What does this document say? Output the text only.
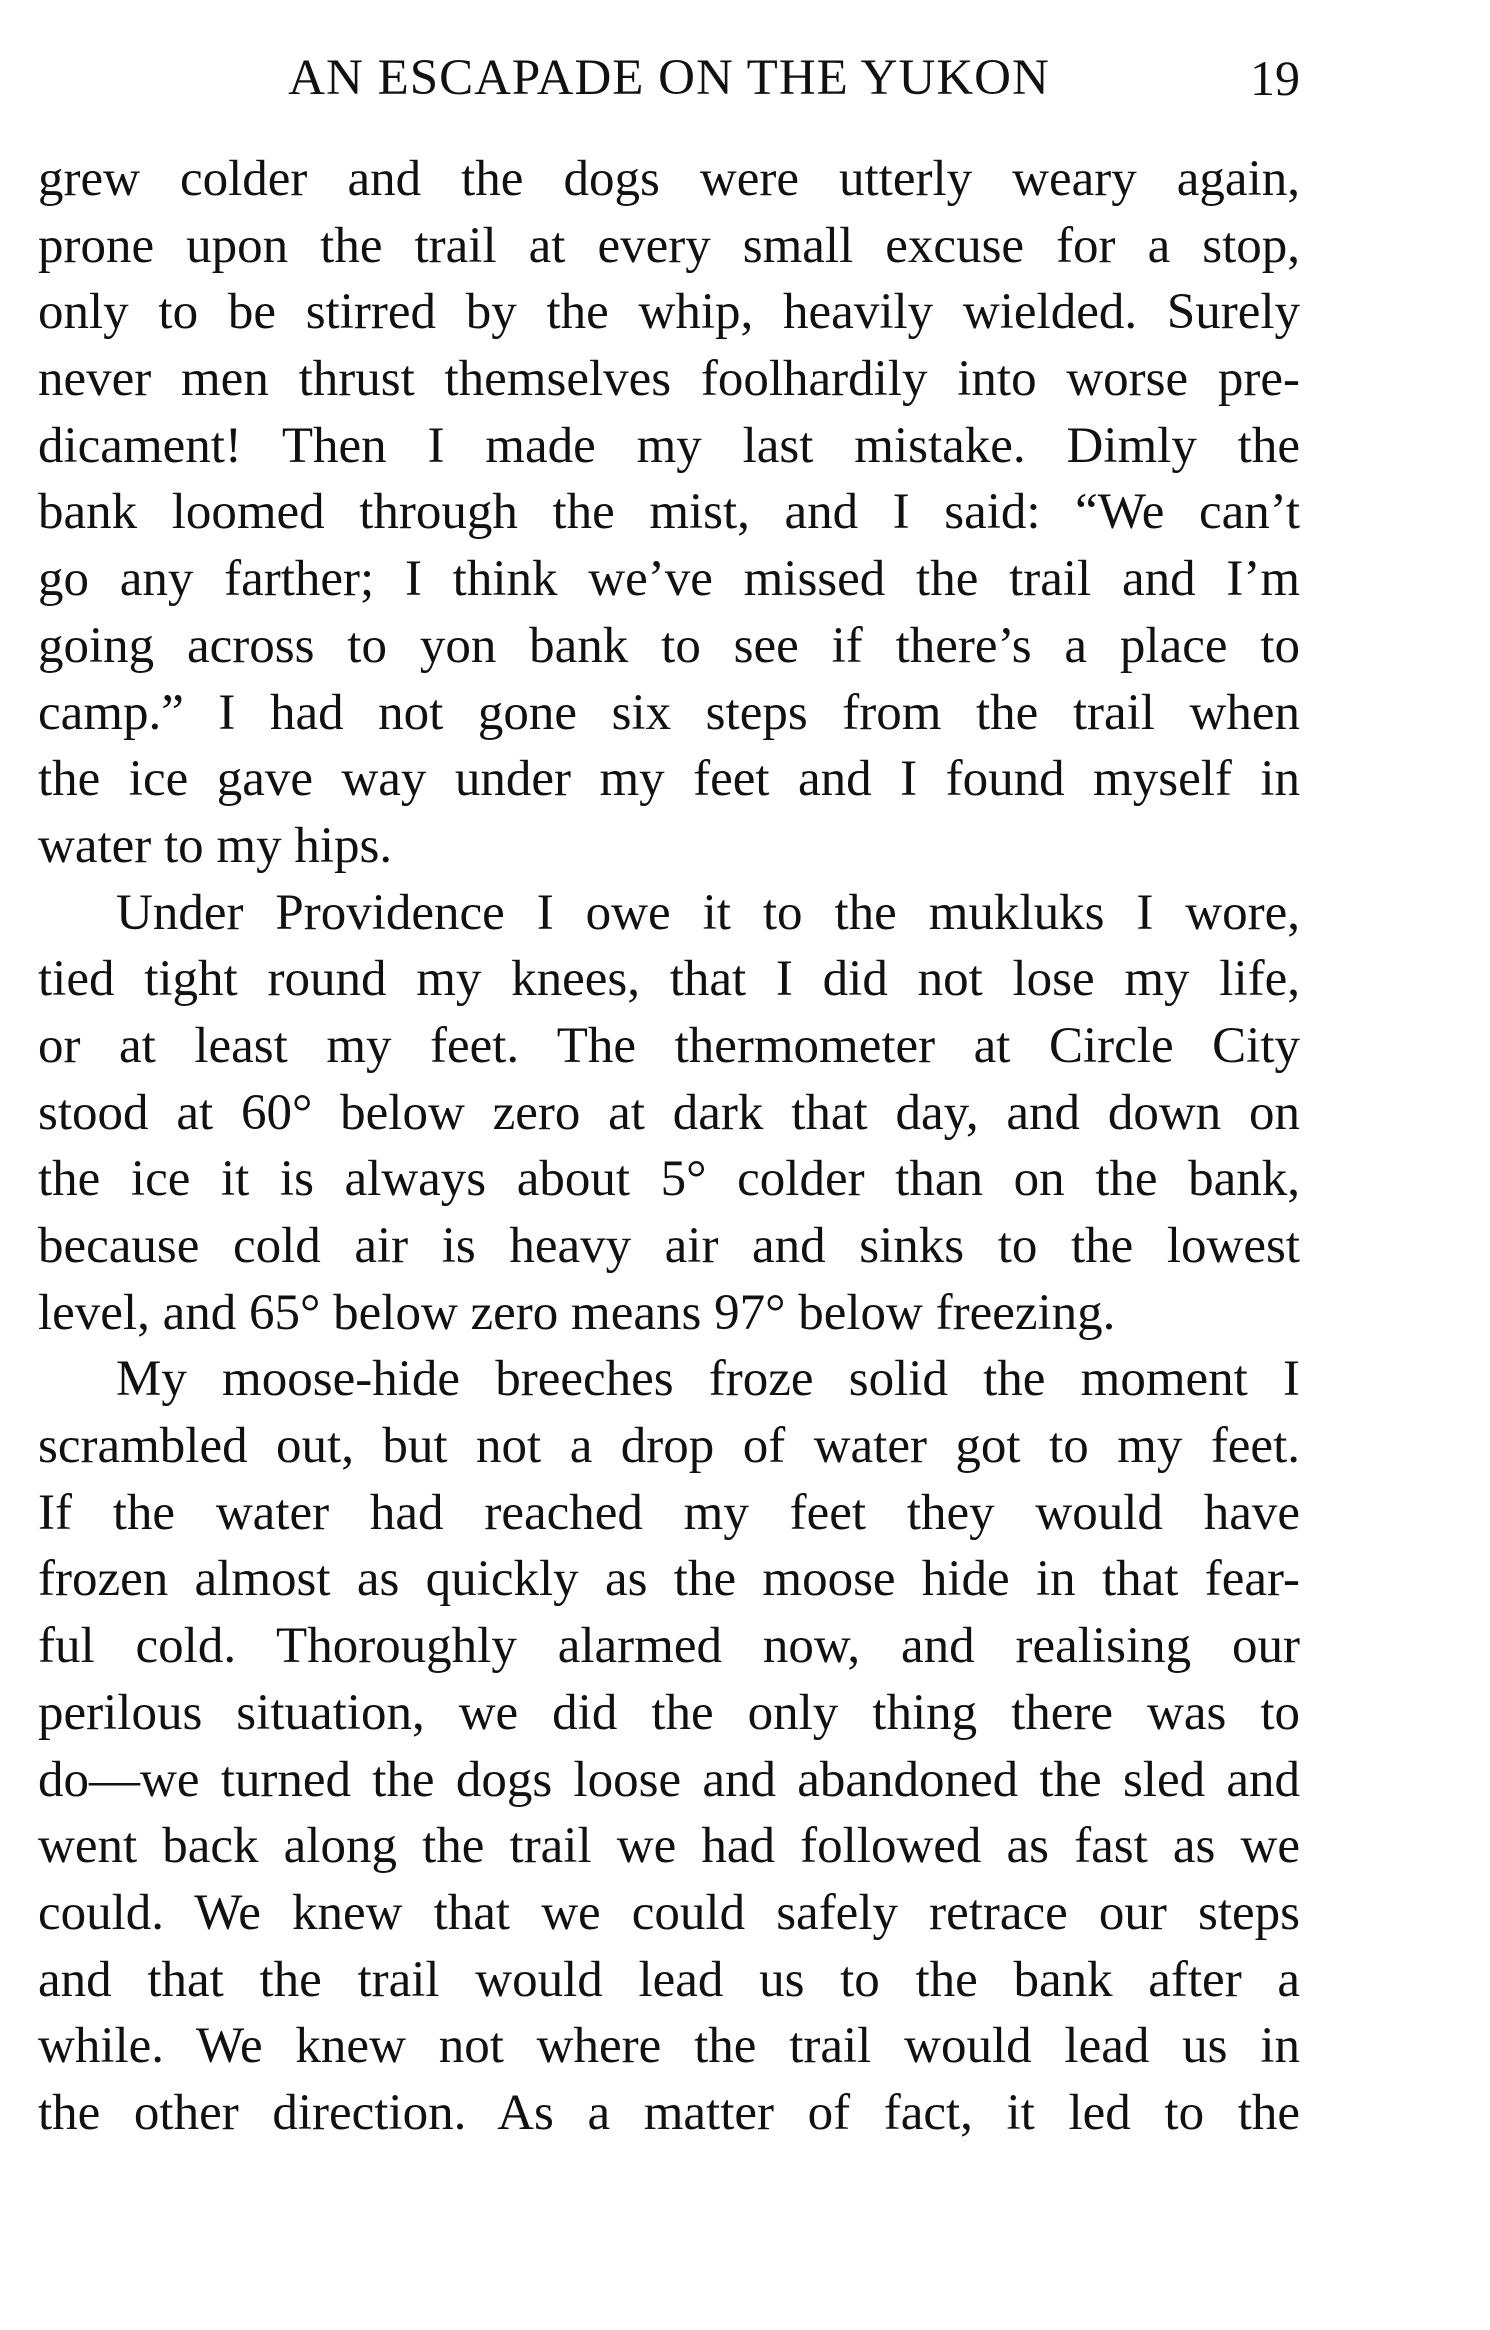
AN ESCAPADE ON THE YUKON	19
grew colder and the dogs were utterly weary again,
prone upon the trail at every small excuse for a stop,
only to be stirred by the whip, heavily wielded. Surely
never men thrust themselves foolhardily into worse pre-
dicament! Then I made my last mistake. Dimly the
bank loomed through the mist, and I said: “We can’t
go any farther; I think we’ve missed the trail and I’m
going across to yon bank to see if there’s a place to
camp.” I had not gone six steps from the trail when
the ice gave way under my feet and I found myself in
water to my hips.
Under Providence I owe it to the mukluks I wore,
tied tight round my knees, that I did not lose my life,
or at least my feet. The thermometer at Circle City
stood at 60° below zero at dark that day, and down on
the ice it is always about 5° colder than on the bank,
because cold air is heavy air and sinks to the lowest
level, and 65° below zero means 97° below freezing.
My moose-hide breeches froze solid the moment I
scrambled out, but not a drop of water got to my feet.
If the water had reached my feet they would have
frozen almost as quickly as the moose hide in that fear-
ful cold. Thoroughly alarmed now, and realising our
perilous situation, we did the only thing there was to
do—we turned the dogs loose and abandoned the sled and
went back along the trail we had followed as fast as we
could. We knew that we could safely retrace our steps
and that the trail would lead us to the bank after a
while. We knew not where the trail would lead us in
the other direction. As a matter of fact, it led to the
